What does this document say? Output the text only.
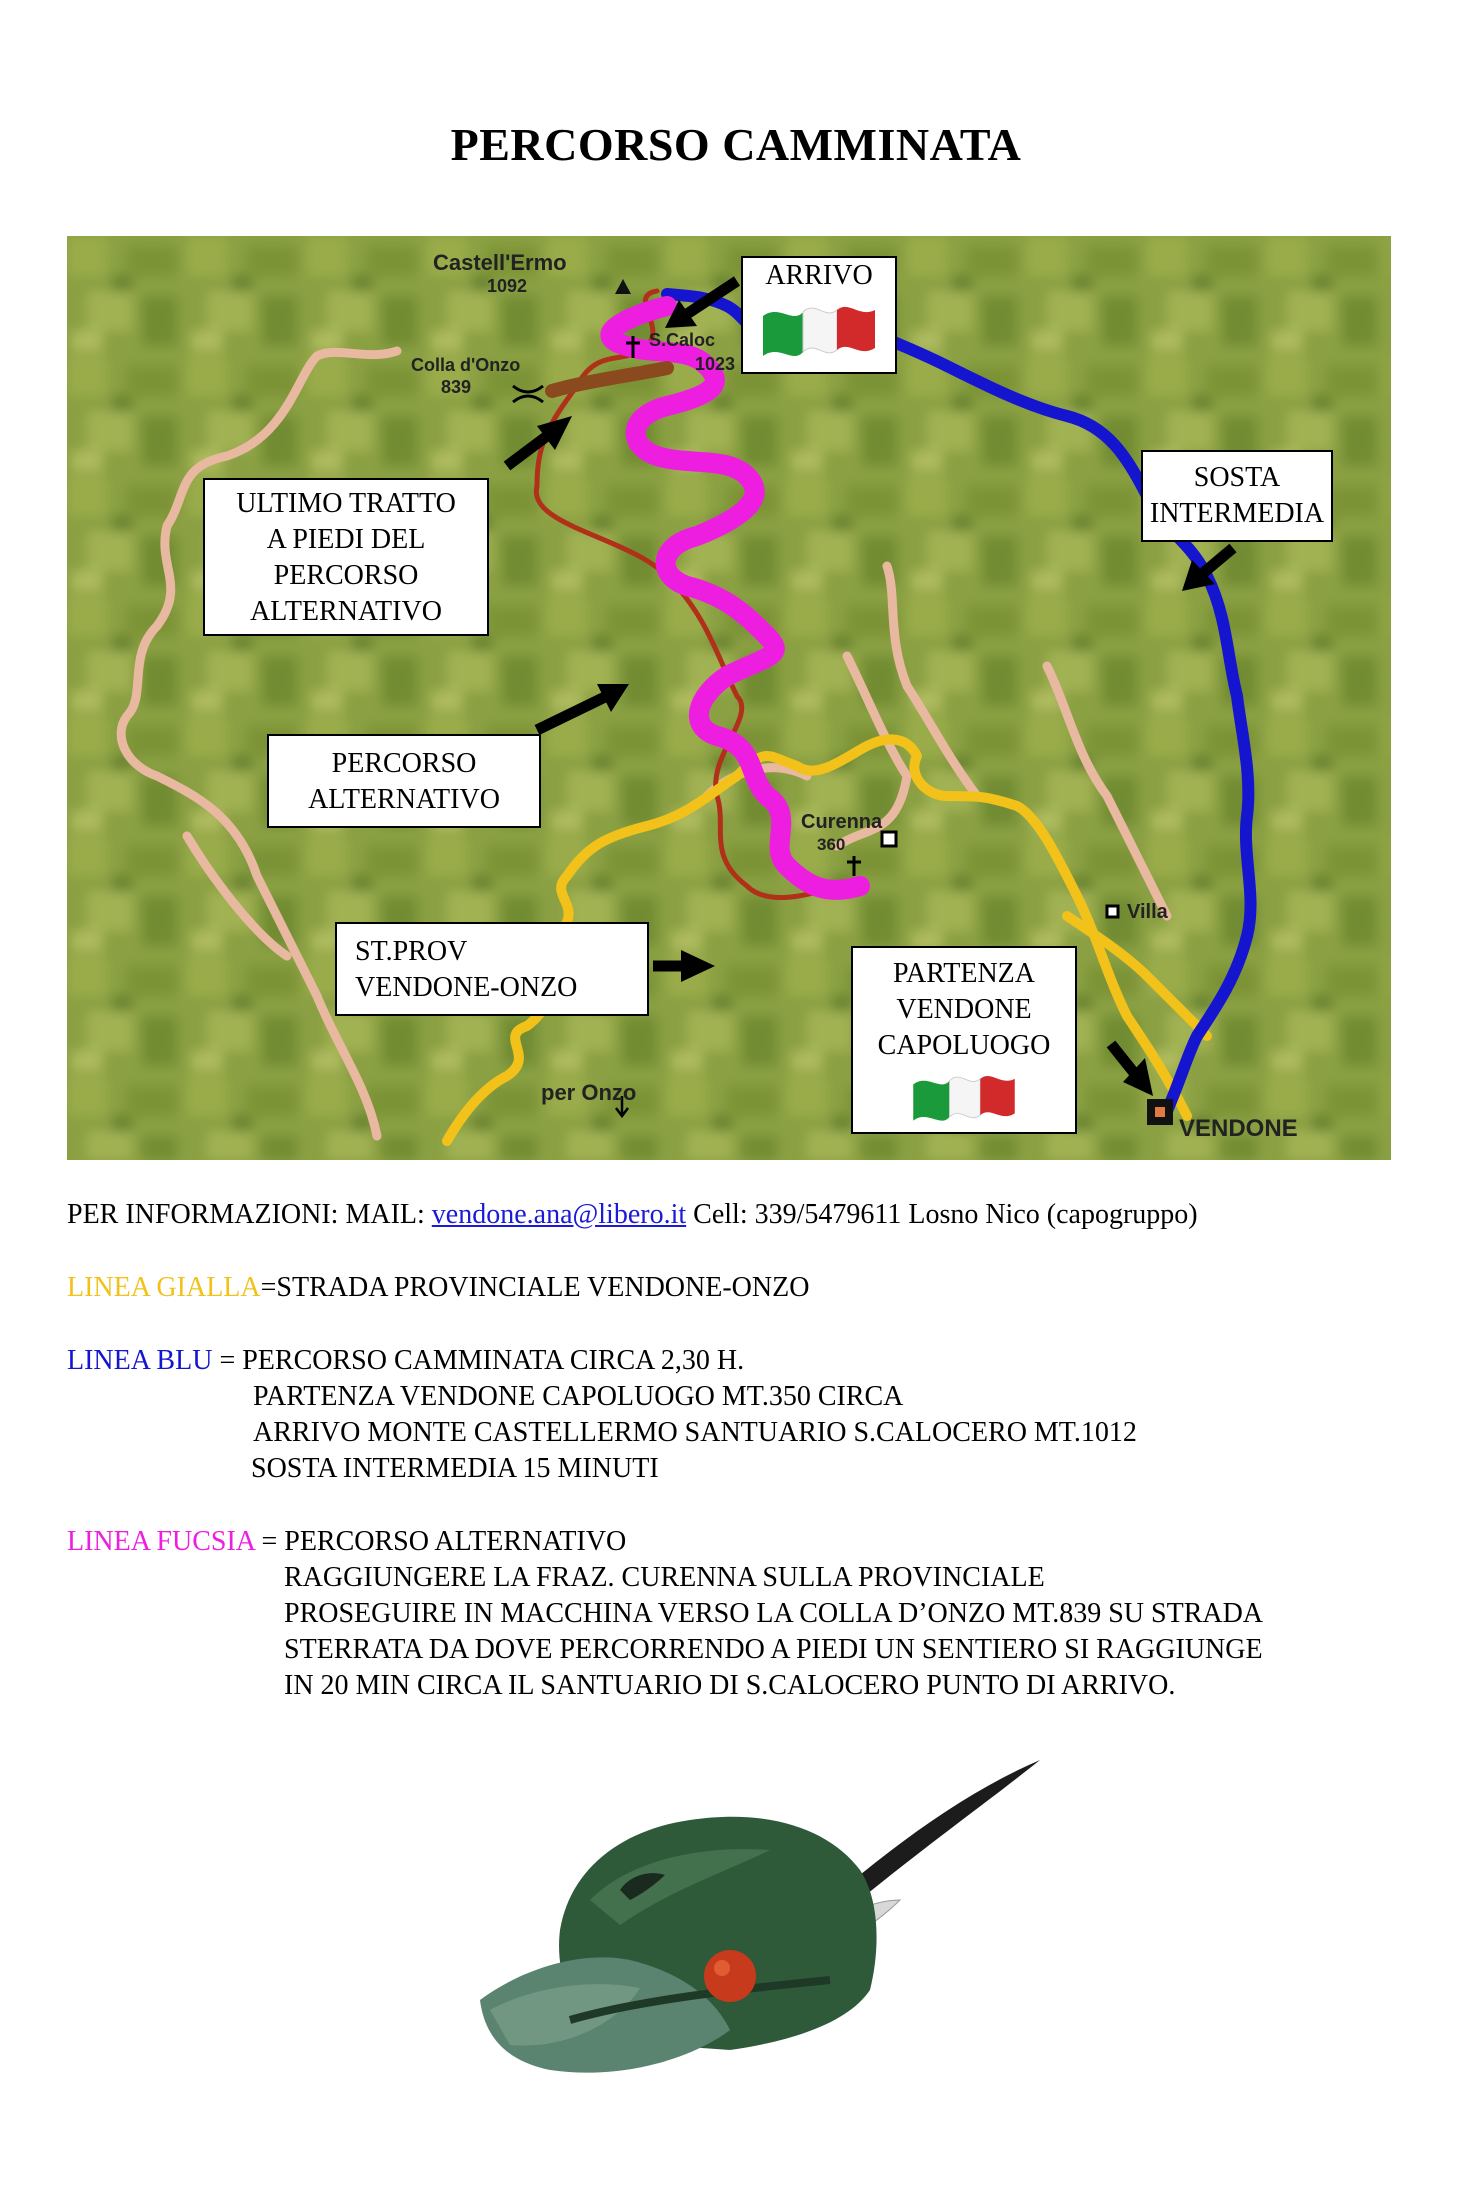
PERCORSO CAMMINATA
Castell'Ermo
1092
S.Caloc
1023
Colla d'Onzo
839
Curenna
360
Villa
per Onzo
VENDONE
ARRIVO
SOSTA
INTERMEDIA
ULTIMO TRATTO
A PIEDI DEL
PERCORSO
ALTERNATIVO
PERCORSO
ALTERNATIVO
ST.PROV
VENDONE-ONZO	PARTENZA
VENDONE
CAPOLUOGO
PER INFORMAZIONI: MAIL: vendone.ana@libero.it Cell: 339/5479611 Losno Nico (capogruppo)
LINEA GIALLA=STRADA PROVINCIALE VENDONE-ONZO
LINEA BLU = PERCORSO CAMMINATA CIRCA 2,30 H.
PARTENZA VENDONE CAPOLUOGO MT.350 CIRCA
ARRIVO MONTE CASTELLERMO SANTUARIO S.CALOCERO MT.1012
SOSTA INTERMEDIA 15 MINUTI
LINEA FUCSIA = PERCORSO ALTERNATIVO
RAGGIUNGERE LA FRAZ. CURENNA SULLA PROVINCIALE
PROSEGUIRE IN MACCHINA VERSO LA COLLA D’ONZO MT.839 SU STRADA
STERRATA DA DOVE PERCORRENDO A PIEDI UN SENTIERO SI RAGGIUNGE
IN 20 MIN CIRCA IL SANTUARIO DI S.CALOCERO PUNTO DI ARRIVO.
